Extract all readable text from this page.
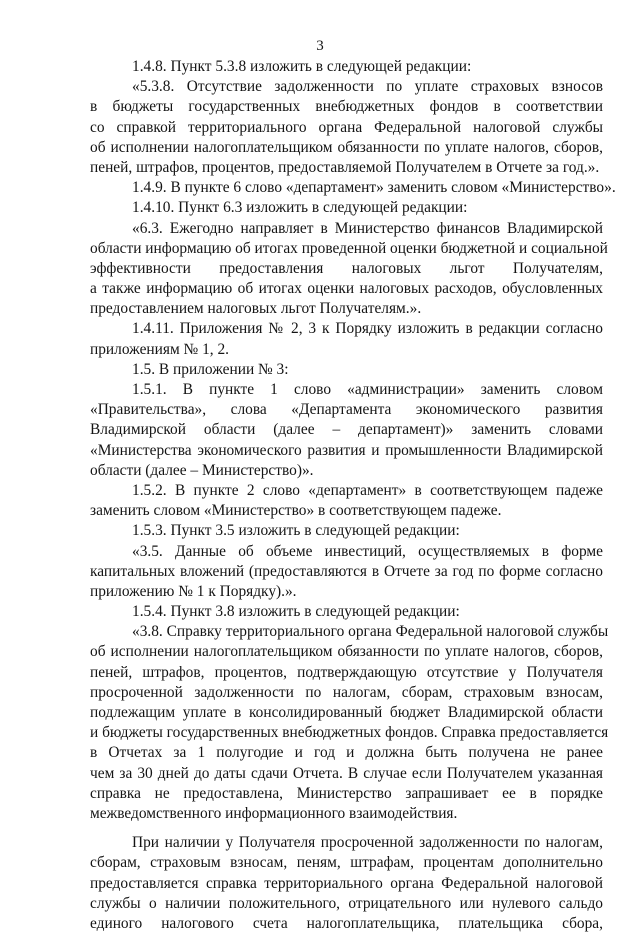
3
1.4.8. Пункт 5.3.8 изложить в следующей редакции:
«5.3.8. Отсутствие задолженности по уплате страховых взносов
в бюджеты государственных внебюджетных фондов в соответствии
со справкой территориального органа Федеральной налоговой службы
об исполнении налогоплательщиком обязанности по уплате налогов, сборов,
пеней, штрафов, процентов, предоставляемой Получателем в Отчете за год.».
1.4.9. В пункте 6 слово «департамент» заменить словом «Министерство».
1.4.10. Пункт 6.3 изложить в следующей редакции:
«6.3. Ежегодно направляет в Министерство финансов Владимирской
области информацию об итогах проведенной оценки бюджетной и социальной
эффективности предоставления налоговых льгот Получателям,
а также информацию об итогах оценки налоговых расходов, обусловленных
предоставлением налоговых льгот Получателям.».
1.4.11. Приложения № 2, 3 к Порядку изложить в редакции согласно
приложениям № 1, 2.
1.5. В приложении № 3:
1.5.1. В пункте 1 слово «администрации» заменить словом
«Правительства», слова «Департамента экономического развития
Владимирской области (далее – департамент)» заменить словами
«Министерства экономического развития и промышленности Владимирской
области (далее – Министерство)».
1.5.2. В пункте 2 слово «департамент» в соответствующем падеже
заменить словом «Министерство» в соответствующем падеже.
1.5.3. Пункт 3.5 изложить в следующей редакции:
«3.5. Данные об объеме инвестиций, осуществляемых в форме
капитальных вложений (предоставляются в Отчете за год по форме согласно
приложению № 1 к Порядку).».
1.5.4. Пункт 3.8 изложить в следующей редакции:
«3.8. Справку территориального органа Федеральной налоговой службы
об исполнении налогоплательщиком обязанности по уплате налогов, сборов,
пеней, штрафов, процентов, подтверждающую отсутствие у Получателя
просроченной задолженности по налогам, сборам, страховым взносам,
подлежащим уплате в консолидированный бюджет Владимирской области
и бюджеты государственных внебюджетных фондов. Справка предоставляется
в Отчетах за 1 полугодие и год и должна быть получена не ранее
чем за 30 дней до даты сдачи Отчета. В случае если Получателем указанная
справка не предоставлена, Министерство запрашивает ее в порядке
межведомственного информационного взаимодействия.
При наличии у Получателя просроченной задолженности по налогам,
сборам, страховым взносам, пеням, штрафам, процентам дополнительно
предоставляется справка территориального органа Федеральной налоговой
службы о наличии положительного, отрицательного или нулевого сальдо
единого налогового счета налогоплательщика, плательщика сбора,
